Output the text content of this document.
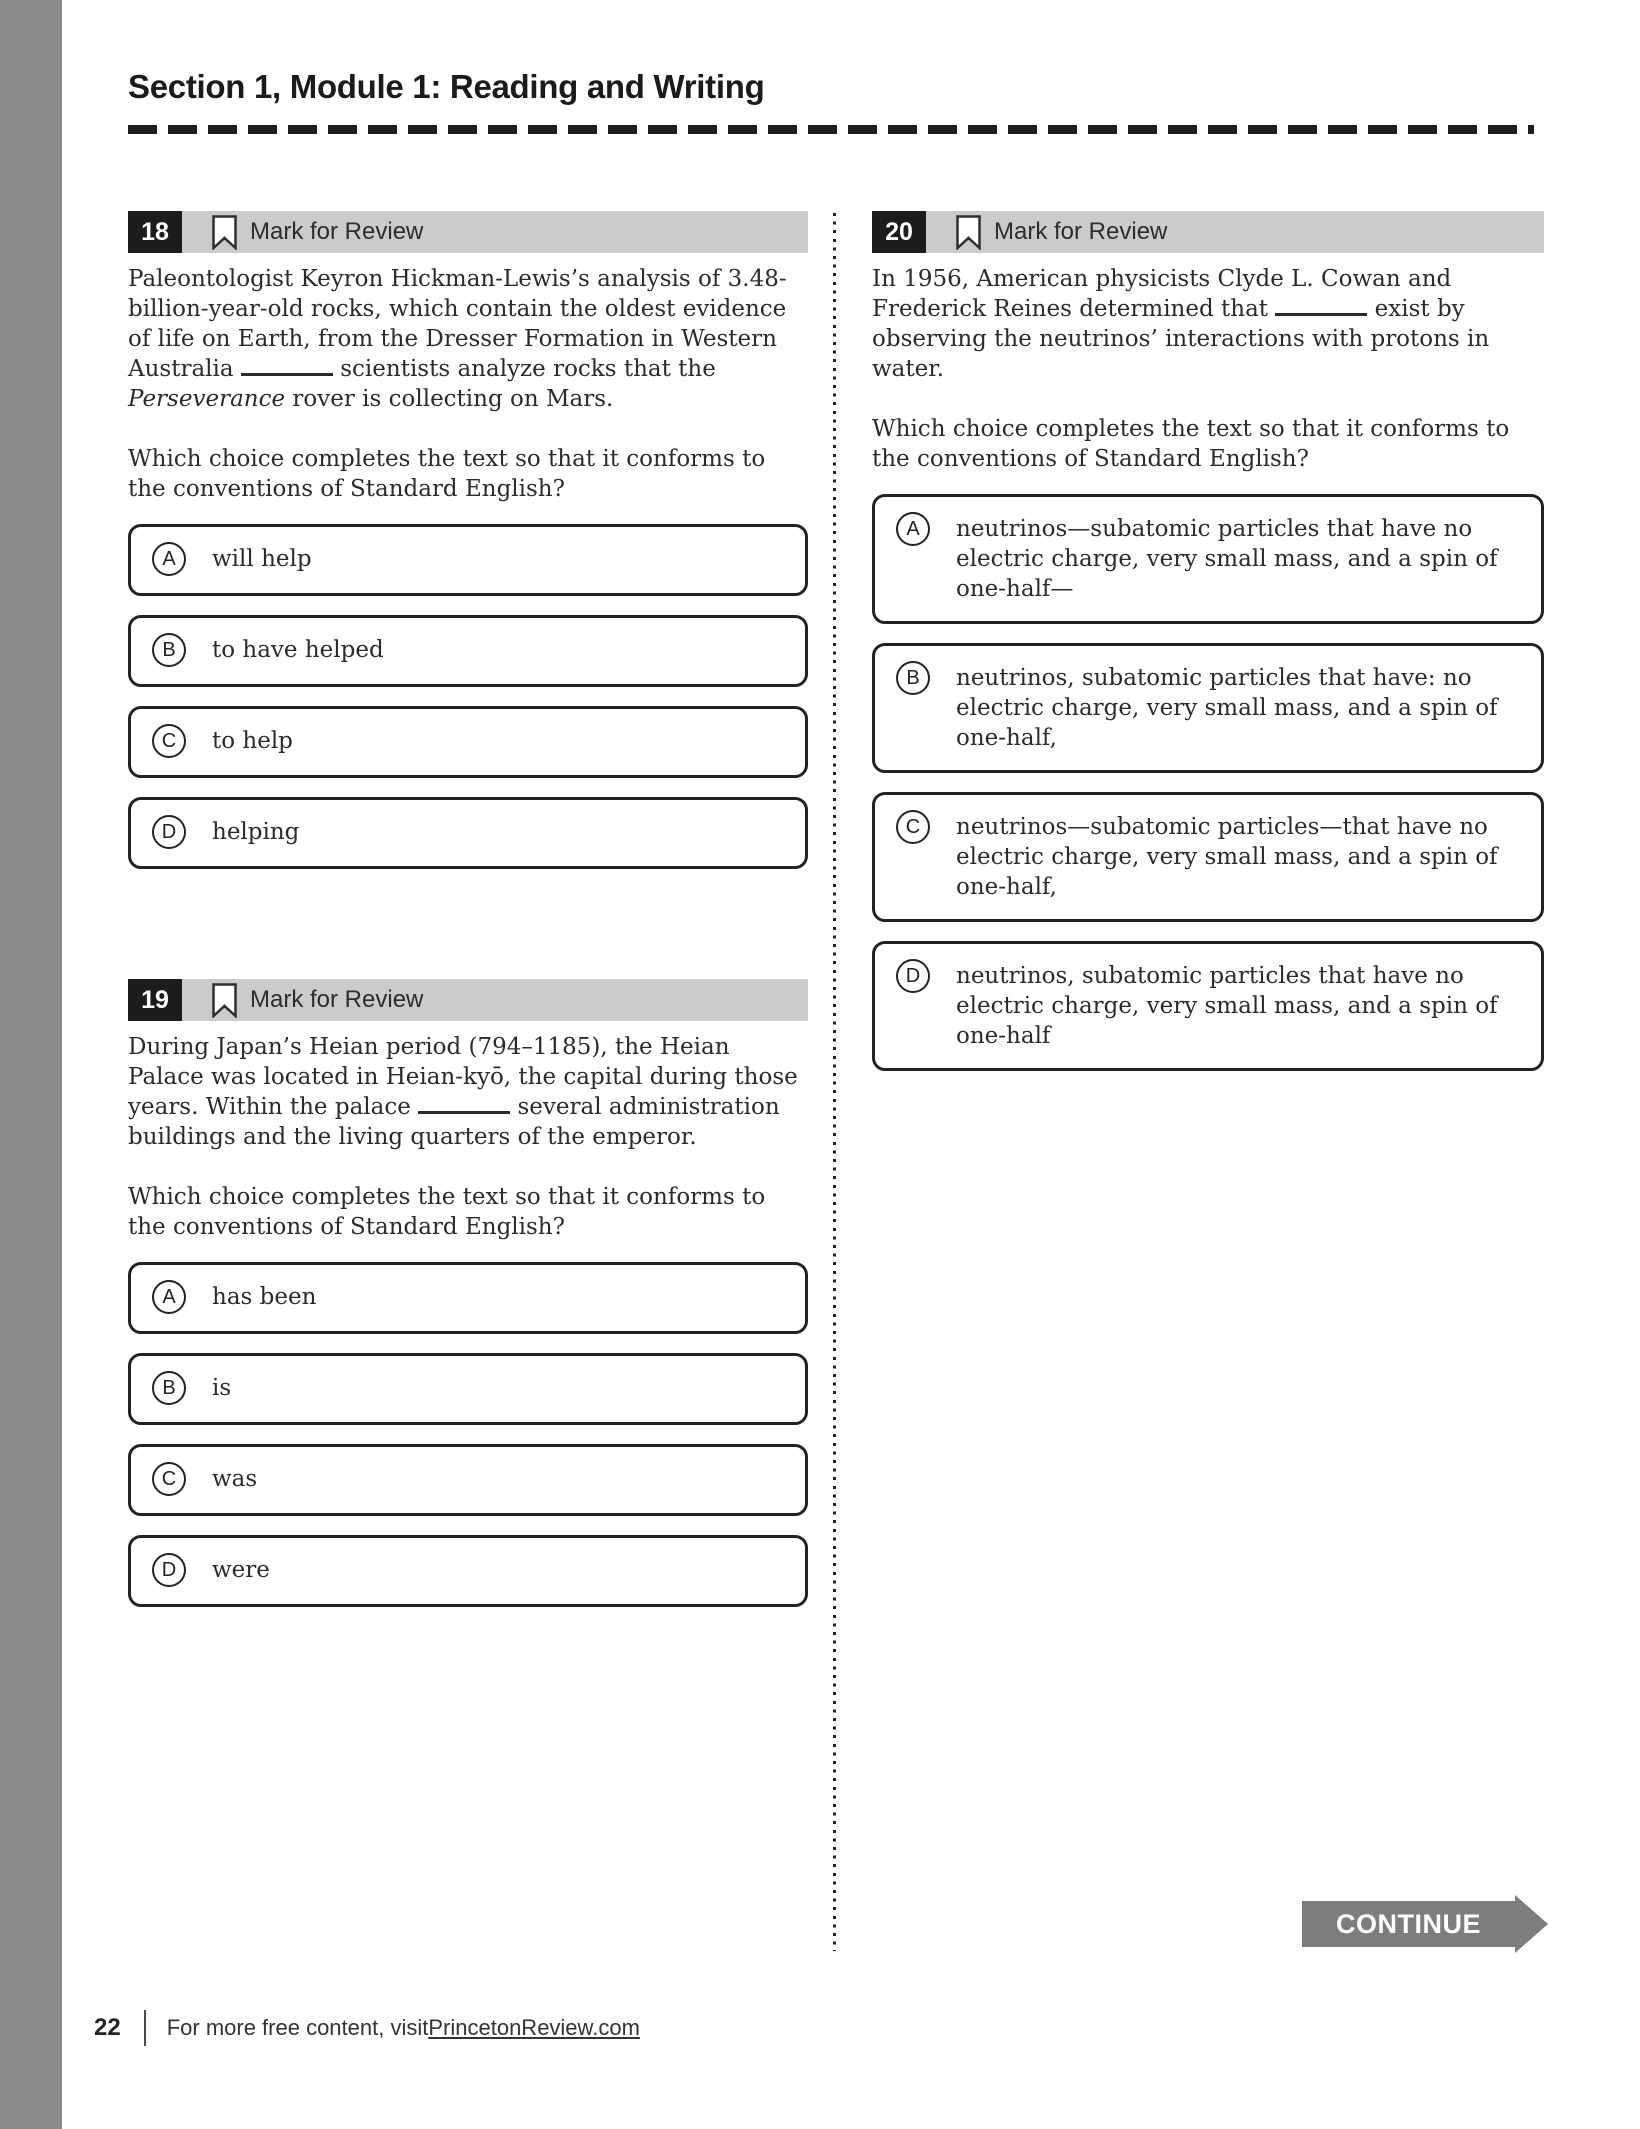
Section 1, Module 1: Reading and Writing
18	Mark for Review

Paleontologist Keyron Hickman-Lewis’s analysis of 3.48-billion-year-old rocks, which contain the oldest evidence of life on Earth, from the Dresser Formation in Western Australia	scientists analyze rocks that the Perseverance rover is collecting on Mars.

Which choice completes the text so that it conforms to the conventions of Standard English?

A	will help
B	to have helped
C	to help
D	helping
19	Mark for Review

During Japan’s Heian period (794–1185), the Heian Palace was located in Heian-kyō, the capital during those years. Within the palace	several administration buildings and the living quarters of the emperor.

Which choice completes the text so that it conforms to the conventions of Standard English?

A	has been
B	is
C	was
D	were
20	Mark for Review

In 1956, American physicists Clyde L. Cowan and Frederick Reines determined that	exist by observing the neutrinos’ interactions with protons in water.

Which choice completes the text so that it conforms to the conventions of Standard English?

A	neutrinos—subatomic particles that have no electric charge, very small mass, and a spin of one-half—
B	neutrinos, subatomic particles that have: no electric charge, very small mass, and a spin of one-half,
C	neutrinos—subatomic particles—that have no electric charge, very small mass, and a spin of one-half,
D	neutrinos, subatomic particles that have no electric charge, very small mass, and a spin of one-half
CONTINUE
22 For more free content, visit PrincetonReview.com
